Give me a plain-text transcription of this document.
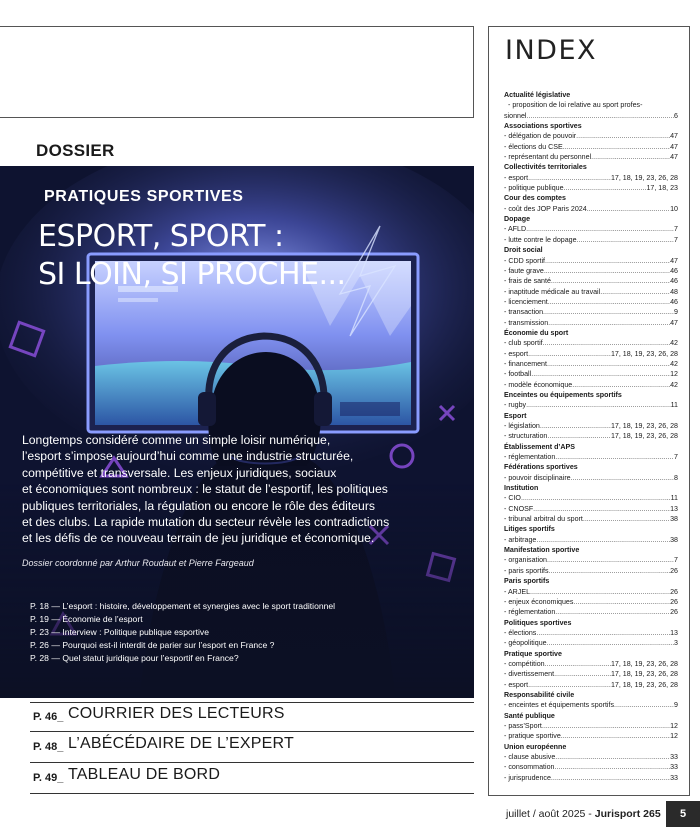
DOSSIER
PRATIQUES SPORTIVES
ESPORT, SPORT :
SI LOIN, SI PROCHE...
Longtemps considéré comme un simple loisir numérique,
l’esport s’impose aujourd’hui comme une industrie structurée,
compétitive et transversale. Les enjeux juridiques, sociaux
et économiques sont nombreux : le statut de l’esportif, les politiques
publiques territoriales, la régulation ou encore le rôle des éditeurs
et des clubs. La rapide mutation du secteur révèle les contradictions
et les défis de ce nouveau terrain de jeu juridique et économique.
Dossier coordonné par Arthur Roudaut et Pierre Fargeaud
P. 18 — L’esport : histoire, développement et synergies avec le sport traditionnel
P. 19 — Économie de l’esport
P. 23 — Interview : Politique publique esportive
P. 26 — Pourquoi est-il interdit de parier sur l’esport en France ?
P. 28 — Quel statut juridique pour l’esportif en France?
P. 46_ COURRIER DES LECTEURS
P. 48_ L’ABÉCÉDAIRE DE L’EXPERT
P. 49_ TABLEAU DE BORD
INDEX
Actualité législative
- proposition de loi relative au sport profes-
sionnel .....	6
Associations sportives
- délégation de pouvoir .....	47
- élections du CSE .....	47
- représentant du personnel .....	47
Collectivités territoriales
- esport .....	17, 18, 19, 23, 26, 28
- politique publique .....	17, 18, 23
Cour des comptes
- coût des JOP Paris 2024 .....	10
Dopage
- AFLD .....	7
- lutte contre le dopage .....	7
Droit social
- CDD sportif .....	47
- faute grave .....	46
- frais de santé .....	46
- inaptitude médicale au travail .....	48
- licenciement .....	46
- transaction .....	9
- transmission .....	47
Économie du sport
- club sportif .....	42
- esport .....	17, 18, 19, 23, 26, 28
- financement .....	42
- football .....	12
- modèle économique .....	42
Enceintes ou équipements sportifs
- rugby .....	11
Esport
- législation .....	17, 18, 19, 23, 26, 28
- structuration .....	17, 18, 19, 23, 26, 28
Établissement d’APS
- réglementation .....	7
Fédérations sportives
- pouvoir disciplinaire .....	8
Institution
- CIO .....	11
- CNOSF .....	13
- tribunal arbitral du sport .....	38
Litiges sportifs
- arbitrage .....	38
Manifestation sportive
- organisation .....	7
- paris sportifs .....	26
Paris sportifs
- ARJEL .....	26
- enjeux économiques .....	26
- réglementation .....	26
Politiques sportives
- élections .....	13
- géopolitique .....	3
Pratique sportive
- compétition .....	17, 18, 19, 23, 26, 28
- divertissement .....	17, 18, 19, 23, 26, 28
- esport .....	17, 18, 19, 23, 26, 28
Responsabilité civile
- enceintes et équipements sportifs .....	9
Santé publique
- pass’Sport .....	12
- pratique sportive .....	12
Union européenne
- clause abusive .....	33
- consommation .....	33
- jurisprudence .....	33
juillet / août 2025 - Jurisport 265	5
